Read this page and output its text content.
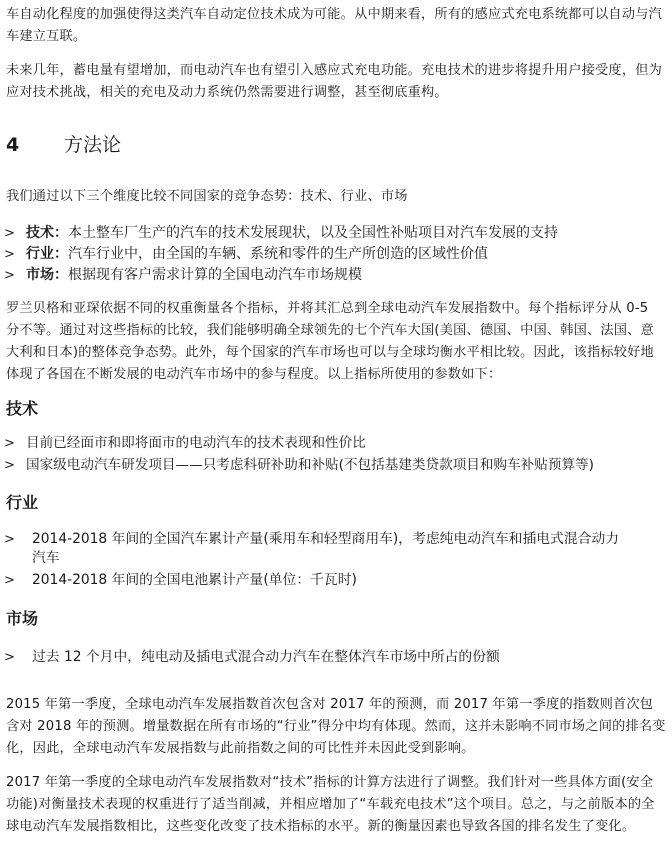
车自动化程度的加强使得这类汽车自动定位技术成为可能。从中期来看，所有的感应式充电系统都可以自动与汽车建立互联。

未来几年，蓄电量有望增加，而电动汽车也有望引入感应式充电功能。充电技术的进步将提升用户接受度，但为应对技术挑战，相关的充电及动力系统仍然需要进行调整，甚至彻底重构。

4 方法论

我们通过以下三个维度比较不同国家的竞争态势：技术、行业、市场

> 技术：本土整车厂生产的汽车的技术发展现状，以及全国性补贴项目对汽车发展的支持
> 行业：汽车行业中，由全国的车辆、系统和零件的生产所创造的区域性价值
> 市场：根据现有客户需求计算的全国电动汽车市场规模

罗兰贝格和亚琛依据不同的权重衡量各个指标，并将其汇总到全球电动汽车发展指数中。每个指标评分从 0-5 分不等。通过对这些指标的比较，我们能够明确全球领先的七个汽车大国(美国、德国、中国、韩国、法国、意大利和日本)的整体竞争态势。此外，每个国家的汽车市场也可以与全球均衡水平相比较。因此，该指标较好地体现了各国在不断发展的电动汽车市场中的参与程度。以上指标所使用的参数如下：

技术
> 目前已经面市和即将面市的电动汽车的技术表现和性价比
> 国家级电动汽车研发项目——只考虑科研补助和补贴(不包括基建类贷款项目和购车补贴预算等)
行业
>	2014-2018 年间的全国汽车累计产量(乘用车和轻型商用车)，考虑纯电动汽车和插电式混合动力汽车
>	2014-2018 年间的全国电池累计产量(单位：千瓦时)
市场
> 过去 12 个月中，纯电动及插电式混合动力汽车在整体汽车市场中所占的份额

2015 年第一季度，全球电动汽车发展指数首次包含对 2017 年的预测，而 2017 年第一季度的指数则首次包含对 2018 年的预测。增量数据在所有市场的“行业”得分中均有体现。然而，这并未影响不同市场之间的排名变化，因此，全球电动汽车发展指数与此前指数之间的可比性并未因此受到影响。

2017 年第一季度的全球电动汽车发展指数对“技术”指标的计算方法进行了调整。我们针对一些具体方面(安全功能)对衡量技术表现的权重进行了适当削减，并相应增加了“车载充电技术”这个项目。总之，与之前版本的全球电动汽车发展指数相比，这些变化改变了技术指标的水平。新的衡量因素也导致各国的排名发生了变化。
